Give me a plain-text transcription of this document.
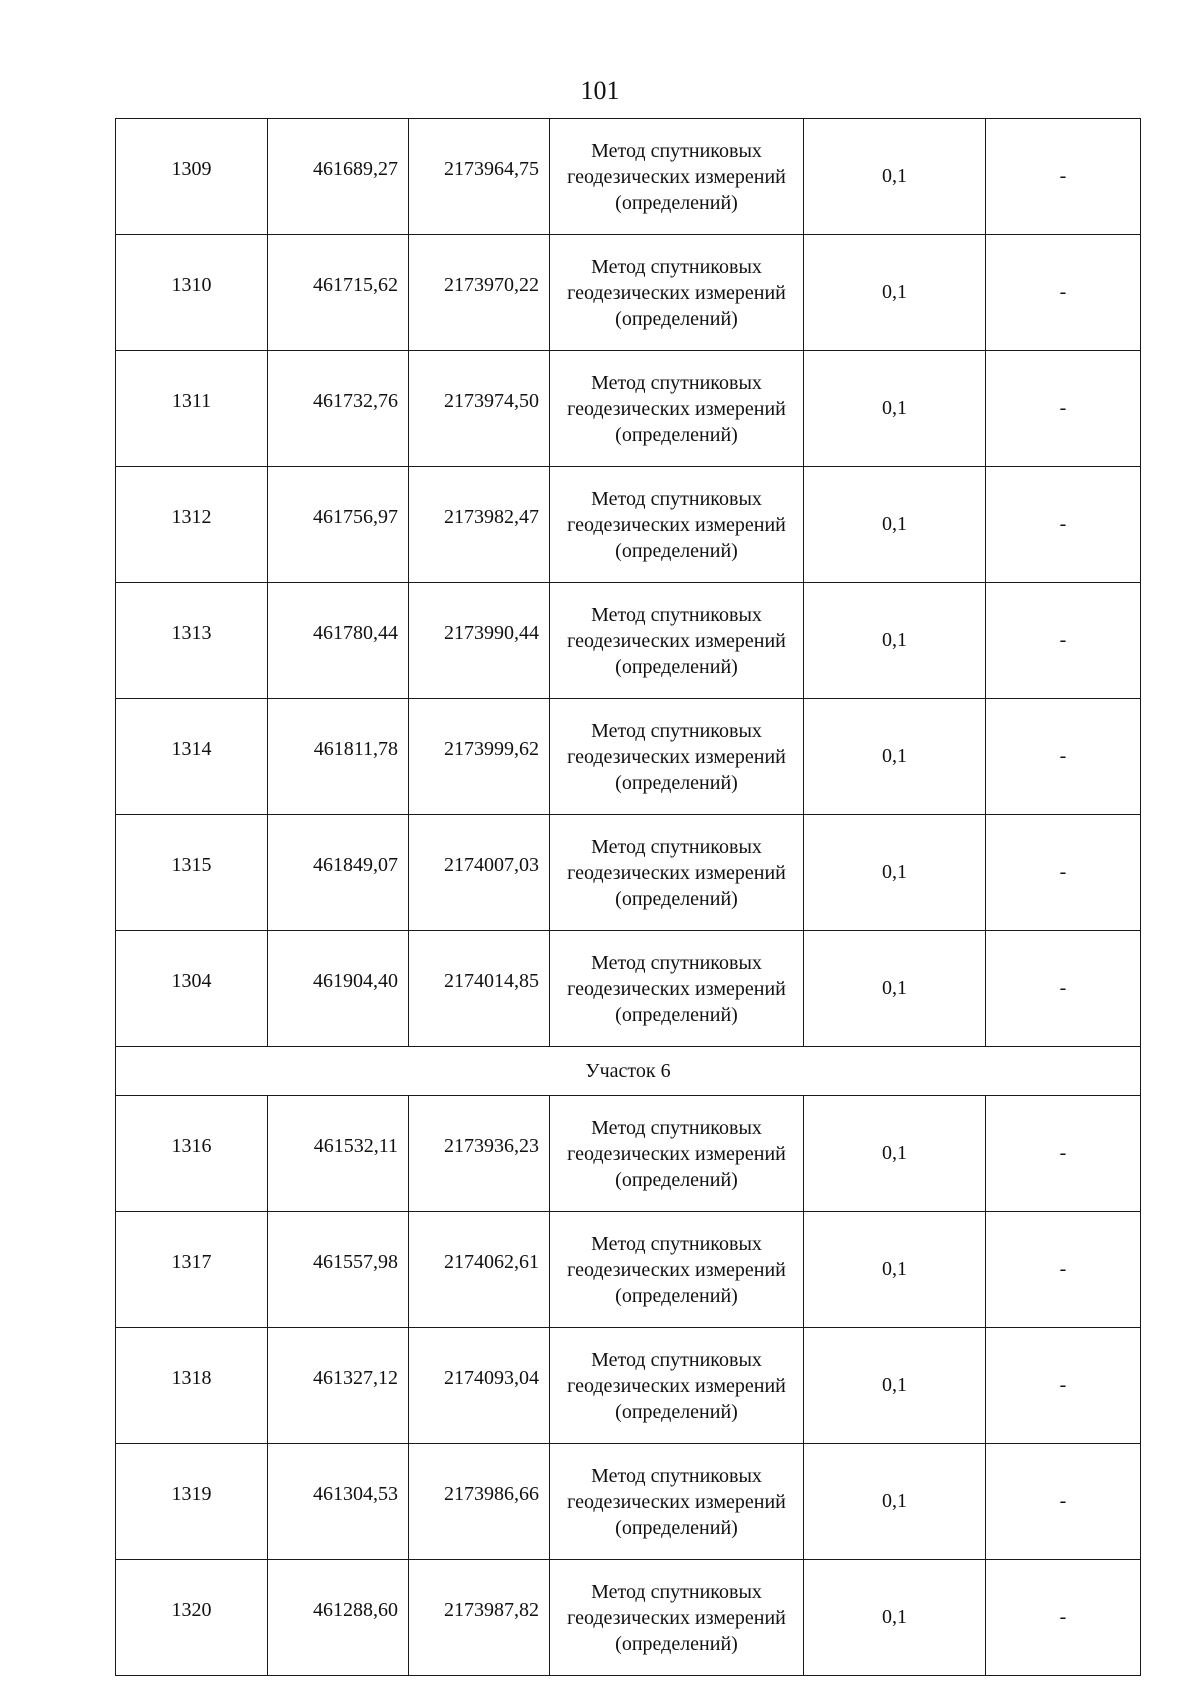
101
1309	461689,27	2173964,75	Метод спутниковых
геодезических измерений
(определений)	0,1	-
1310	461715,62	2173970,22	Метод спутниковых
геодезических измерений
(определений)	0,1	-
1311	461732,76	2173974,50	Метод спутниковых
геодезических измерений
(определений)	0,1	-
1312	461756,97	2173982,47	Метод спутниковых
геодезических измерений
(определений)	0,1	-
1313	461780,44	2173990,44	Метод спутниковых
геодезических измерений
(определений)	0,1	-
1314	461811,78	2173999,62	Метод спутниковых
геодезических измерений
(определений)	0,1	-
1315	461849,07	2174007,03	Метод спутниковых
геодезических измерений
(определений)	0,1	-
1304	461904,40	2174014,85	Метод спутниковых
геодезических измерений
(определений)	0,1	-
Участок 6					
1316	461532,11	2173936,23	Метод спутниковых
геодезических измерений
(определений)	0,1	-
1317	461557,98	2174062,61	Метод спутниковых
геодезических измерений
(определений)	0,1	-
1318	461327,12	2174093,04	Метод спутниковых
геодезических измерений
(определений)	0,1	-
1319	461304,53	2173986,66	Метод спутниковых
геодезических измерений
(определений)	0,1	-
1320	461288,60	2173987,82	Метод спутниковых
геодезических измерений
(определений)	0,1	-
